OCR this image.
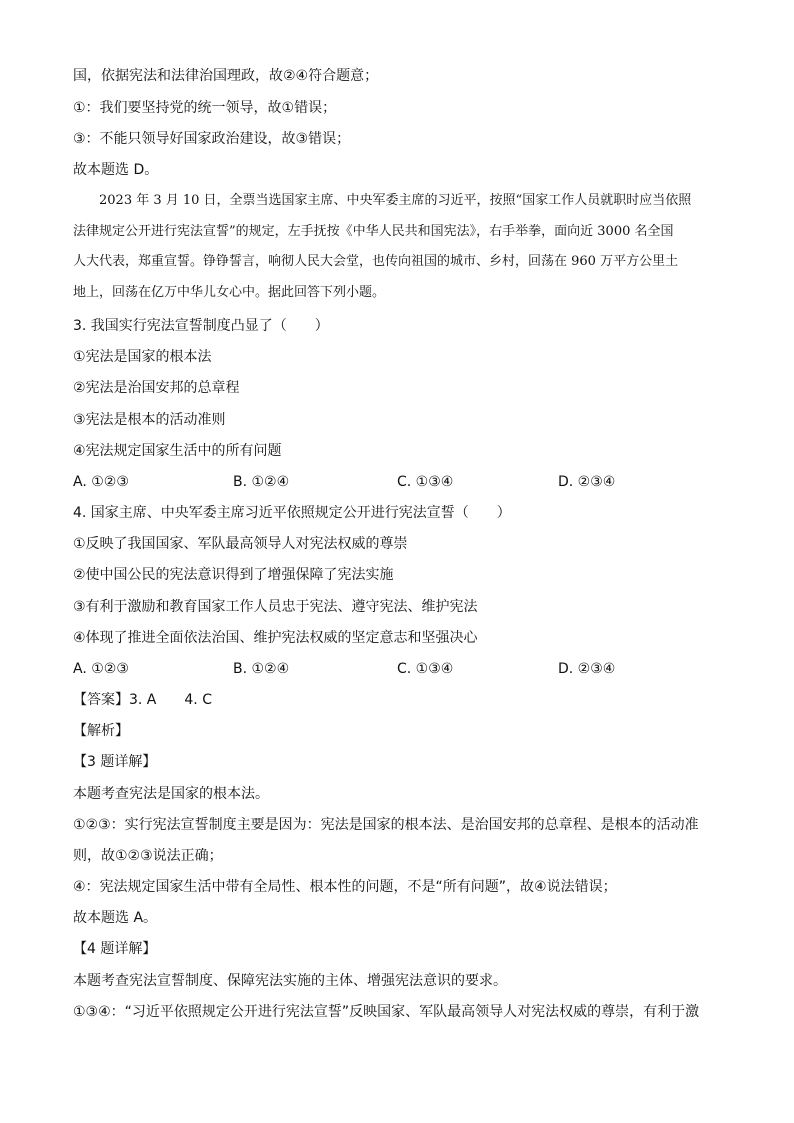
国，依据宪法和法律治国理政，故②④符合题意；
①：我们要坚持党的统一领导，故①错误；
③：不能只领导好国家政治建设，故③错误；
故本题选 D。

2023 年 3 月 10 日，全票当选国家主席、中央军委主席的习近平，按照“国家工作人员就职时应当依照

法律规定公开进行宪法宣誓”的规定，左手抚按《中华人民共和国宪法》，右手举拳，面向近 3000 名全国

人大代表，郑重宣誓。铮铮誓言，响彻人民大会堂，也传向祖国的城市、乡村，回荡在 960 万平方公里土

地上，回荡在亿万中华儿女心中。据此回答下列小题。

3. 我国实行宪法宣誓制度凸显了（　　）
①宪法是国家的根本法
②宪法是治国安邦的总章程
③宪法是根本的活动准则
④宪法规定国家生活中的所有问题
A. ①②③	B. ①②④	C. ①③④	D. ②③④
4. 国家主席、中央军委主席习近平依照规定公开进行宪法宣誓（　　）
①反映了我国国家、军队最高领导人对宪法权威的尊崇
②使中国公民的宪法意识得到了增强保障了宪法实施
③有利于激励和教育国家工作人员忠于宪法、遵守宪法、维护宪法
④体现了推进全面依法治国、维护宪法权威的坚定意志和坚强决心
A. ①②③	B. ①②④	C. ①③④	D. ②③④
【答案】3. A　　4. C
【解析】
【3 题详解】
本题考查宪法是国家的根本法。
①②③：实行宪法宣誓制度主要是因为：宪法是国家的根本法、是治国安邦的总章程、是根本的活动准
则，故①②③说法正确；
④：宪法规定国家生活中带有全局性、根本性的问题，不是“所有问题”，故④说法错误；
故本题选 A。
【4 题详解】
本题考查宪法宣誓制度、保障宪法实施的主体、增强宪法意识的要求。
①③④：“习近平依照规定公开进行宪法宣誓”反映国家、军队最高领导人对宪法权威的尊崇，有利于激
